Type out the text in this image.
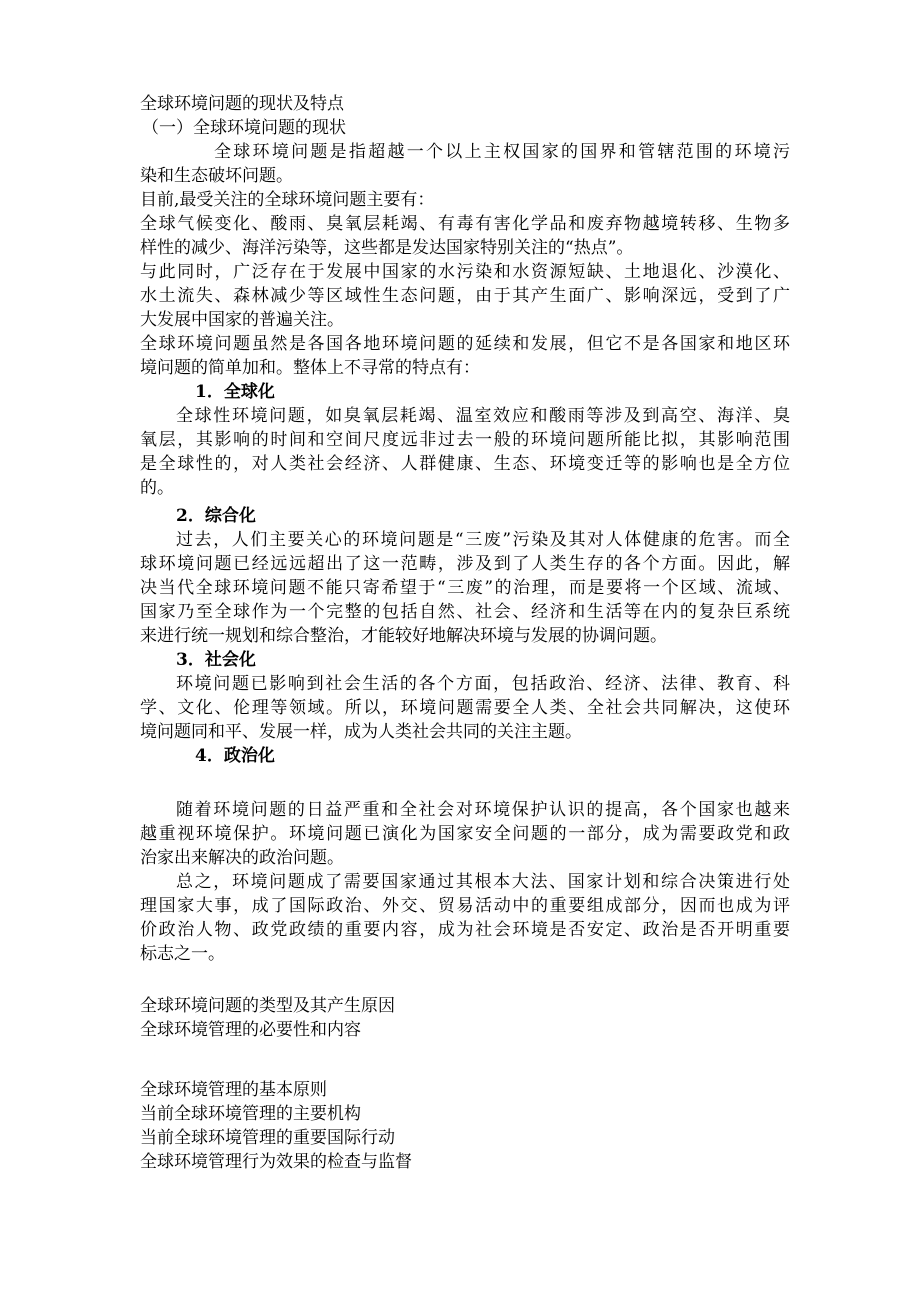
全球环境问题的现状及特点
（一）全球环境问题的现状
全球环境问题是指超越一个以上主权国家的国界和管辖范围的环境污
染和生态破坏问题。
目前,最受关注的全球环境问题主要有：
全球气候变化、酸雨、臭氧层耗竭、有毒有害化学品和废弃物越境转移、生物多
样性的减少、海洋污染等，这些都是发达国家特别关注的“热点”。
与此同时，广泛存在于发展中国家的水污染和水资源短缺、土地退化、沙漠化、
水土流失、森林减少等区域性生态问题，由于其产生面广、影响深远，受到了广
大发展中国家的普遍关注。
全球环境问题虽然是各国各地环境问题的延续和发展，但它不是各国家和地区环
境问题的简单加和。整体上不寻常的特点有：
1．全球化
全球性环境问题，如臭氧层耗竭、温室效应和酸雨等涉及到高空、海洋、臭
氧层，其影响的时间和空间尺度远非过去一般的环境问题所能比拟，其影响范围
是全球性的，对人类社会经济、人群健康、生态、环境变迁等的影响也是全方位
的。
2．综合化
过去，人们主要关心的环境问题是“三废”污染及其对人体健康的危害。而全
球环境问题已经远远超出了这一范畴，涉及到了人类生存的各个方面。因此，解
决当代全球环境问题不能只寄希望于“三废”的治理，而是要将一个区域、流域、
国家乃至全球作为一个完整的包括自然、社会、经济和生活等在内的复杂巨系统
来进行统一规划和综合整治，才能较好地解决环境与发展的协调问题。
3．社会化
环境问题已影响到社会生活的各个方面，包括政治、经济、法律、教育、科
学、文化、伦理等领域。所以，环境问题需要全人类、全社会共同解决，这使环
境问题同和平、发展一样，成为人类社会共同的关注主题。
4．政治化
随着环境问题的日益严重和全社会对环境保护认识的提高，各个国家也越来
越重视环境保护。环境问题已演化为国家安全问题的一部分，成为需要政党和政
治家出来解决的政治问题。
总之，环境问题成了需要国家通过其根本大法、国家计划和综合决策进行处
理国家大事，成了国际政治、外交、贸易活动中的重要组成部分，因而也成为评
价政治人物、政党政绩的重要内容，成为社会环境是否安定、政治是否开明重要
标志之一。
全球环境问题的类型及其产生原因
全球环境管理的必要性和内容
全球环境管理的基本原则
当前全球环境管理的主要机构
当前全球环境管理的重要国际行动
全球环境管理行为效果的检查与监督
